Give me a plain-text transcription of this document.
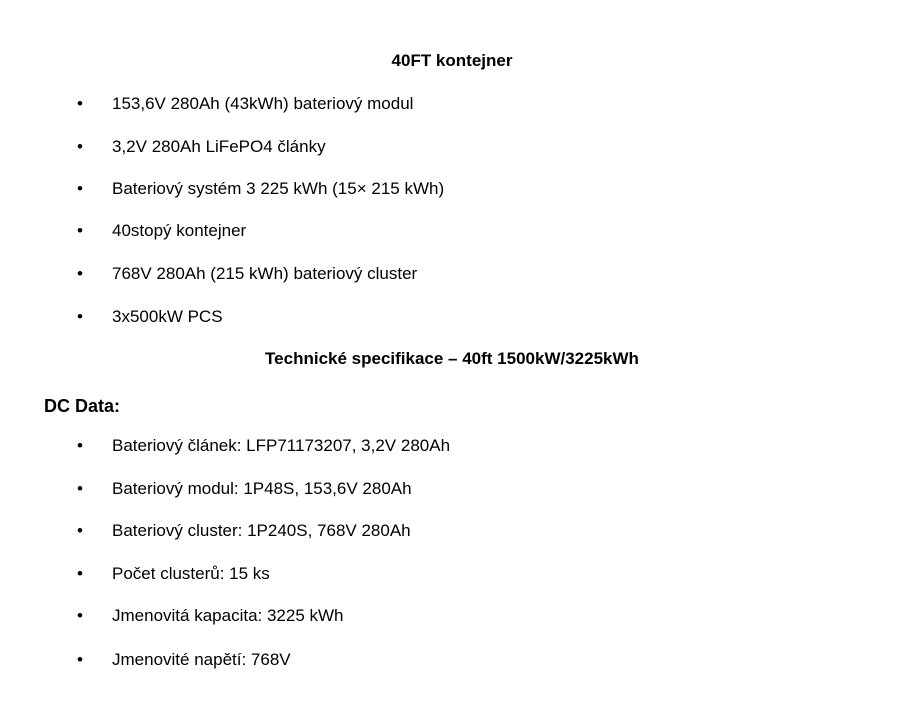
40FT kontejner
• 153,6V 280Ah (43kWh) bateriový modul
• 3,2V 280Ah LiFePO4 články
• Bateriový systém 3 225 kWh (15× 215 kWh)
• 40stopý kontejner
• 768V 280Ah (215 kWh) bateriový cluster
• 3x500kW PCS
Technické specifikace – 40ft 1500kW/3225kWh
DC Data:
• Bateriový článek: LFP71173207, 3,2V 280Ah
• Bateriový modul: 1P48S, 153,6V 280Ah
• Bateriový cluster: 1P240S, 768V 280Ah
• Počet clusterů: 15 ks
• Jmenovitá kapacita: 3225 kWh
• Jmenovité napětí: 768V
